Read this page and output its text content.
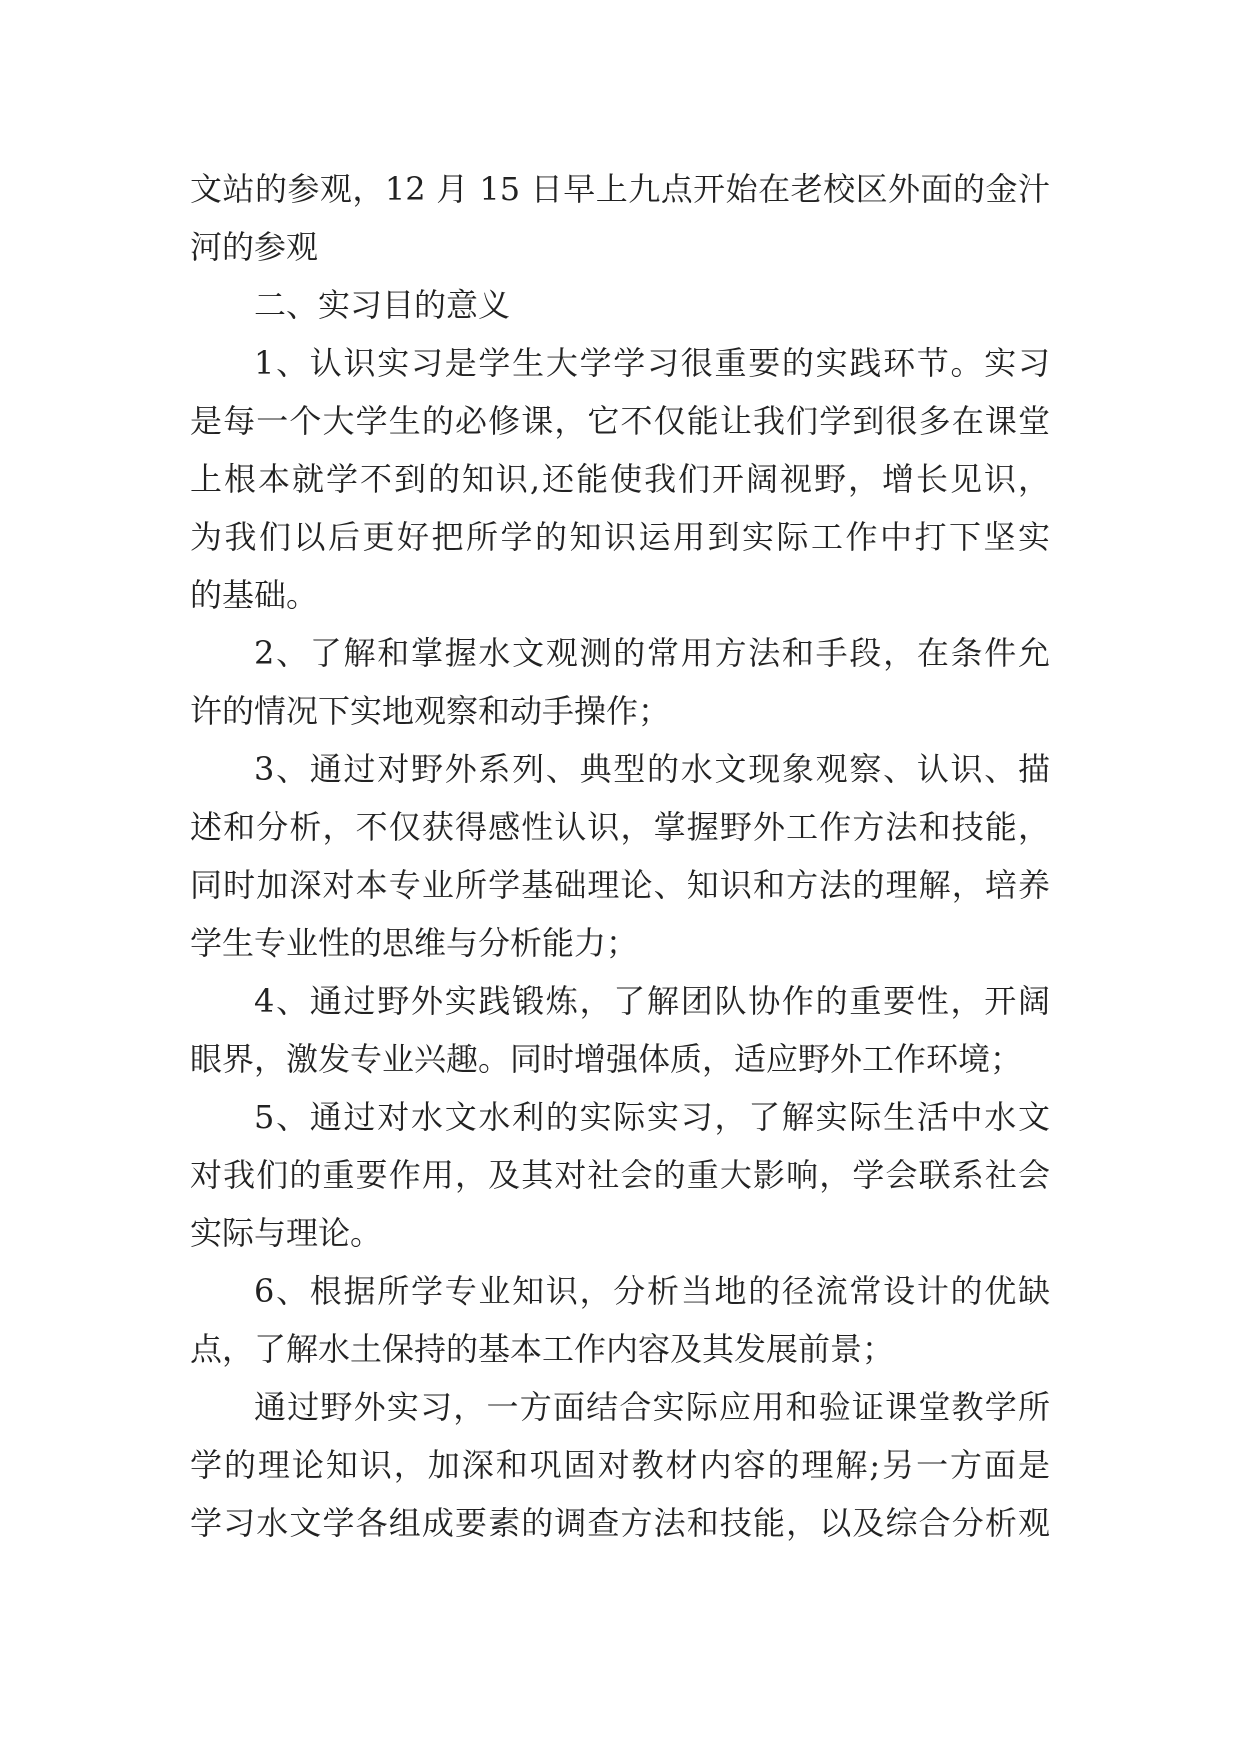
文站的参观，12 月 15 日早上九点开始在老校区外面的金汁
河的参观
二、实习目的意义
1、认识实习是学生大学学习很重要的实践环节。实习
是每一个大学生的必修课，它不仅能让我们学到很多在课堂
上根本就学不到的知识,还能使我们开阔视野，增长见识，
为我们以后更好把所学的知识运用到实际工作中打下坚实
的基础。
2、了解和掌握水文观测的常用方法和手段，在条件允
许的情况下实地观察和动手操作；
3、通过对野外系列、典型的水文现象观察、认识、描
述和分析，不仅获得感性认识，掌握野外工作方法和技能，
同时加深对本专业所学基础理论、知识和方法的理解，培养
学生专业性的思维与分析能力；
4、通过野外实践锻炼，了解团队协作的重要性，开阔
眼界，激发专业兴趣。同时增强体质，适应野外工作环境；
5、通过对水文水利的实际实习，了解实际生活中水文
对我们的重要作用，及其对社会的重大影响，学会联系社会
实际与理论。
6、根据所学专业知识，分析当地的径流常设计的优缺
点，了解水土保持的基本工作内容及其发展前景；
通过野外实习，一方面结合实际应用和验证课堂教学所
学的理论知识，加深和巩固对教材内容的理解;另一方面是
学习水文学各组成要素的调查方法和技能，以及综合分析观
